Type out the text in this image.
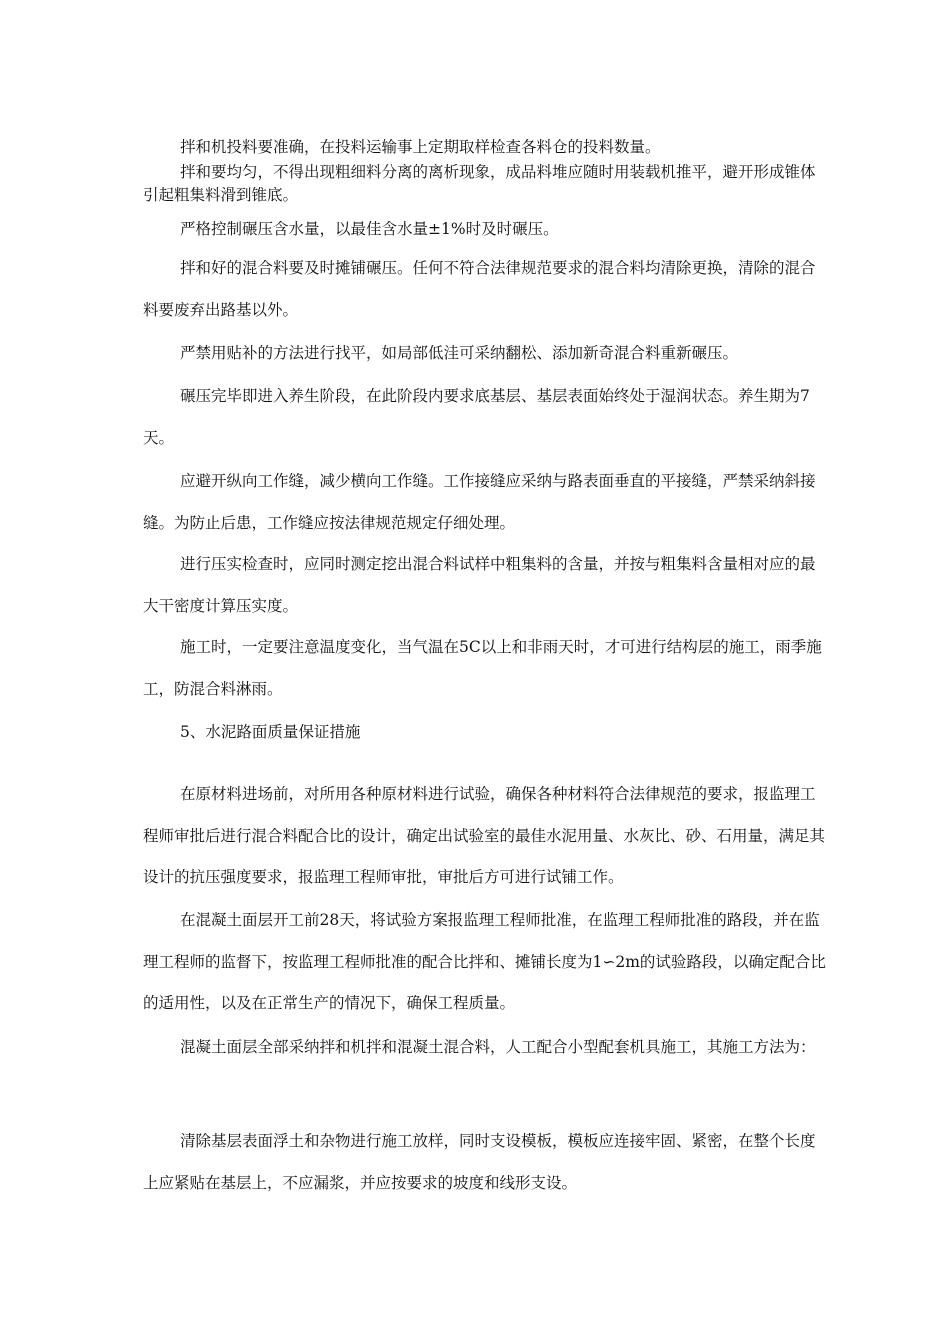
拌和机投料要准确，在投料运输事上定期取样检查各料仓的投料数量。

拌和要均匀，不得出现粗细料分离的离析现象，成品料堆应随时用装载机推平，避开形成锥体引起粗集料滑到锥底。

严格控制碾压含水量，以最佳含水量±1%时及时碾压。

拌和好的混合料要及时摊铺碾压。任何不符合法律规范要求的混合料均清除更换，清除的混合料要废弃出路基以外。

严禁用贴补的方法进行找平，如局部低洼可采纳翻松、添加新奇混合料重新碾压。

碾压完毕即进入养生阶段，在此阶段内要求底基层、基层表面始终处于湿润状态。养生期为7天。

应避开纵向工作缝，减少横向工作缝。工作接缝应采纳与路表面垂直的平接缝，严禁采纳斜接缝。为防止后患，工作缝应按法律规范规定仔细处理。

进行压实检查时，应同时测定挖出混合料试样中粗集料的含量，并按与粗集料含量相对应的最大干密度计算压实度。

施工时，一定要注意温度变化，当气温在5C以上和非雨天时，才可进行结构层的施工，雨季施工，防混合料淋雨。

5、水泥路面质量保证措施

在原材料进场前，对所用各种原材料进行试验，确保各种材料符合法律规范的要求，报监理工程师审批后进行混合料配合比的设计，确定出试验室的最佳水泥用量、水灰比、砂、石用量，满足其设计的抗压强度要求，报监理工程师审批，审批后方可进行试铺工作。

在混凝土面层开工前28天，将试验方案报监理工程师批准，在监理工程师批准的路段，并在监理工程师的监督下，按监理工程师批准的配合比拌和、摊铺长度为1∽2m的试验路段，以确定配合比的适用性，以及在正常生产的情况下，确保工程质量。

混凝土面层全部采纳拌和机拌和混凝土混合料，人工配合小型配套机具施工，其施工方法为：

清除基层表面浮土和杂物进行施工放样，同时支设模板，模板应连接牢固、紧密，在整个长度上应紧贴在基层上，不应漏浆，并应按要求的坡度和线形支设。
